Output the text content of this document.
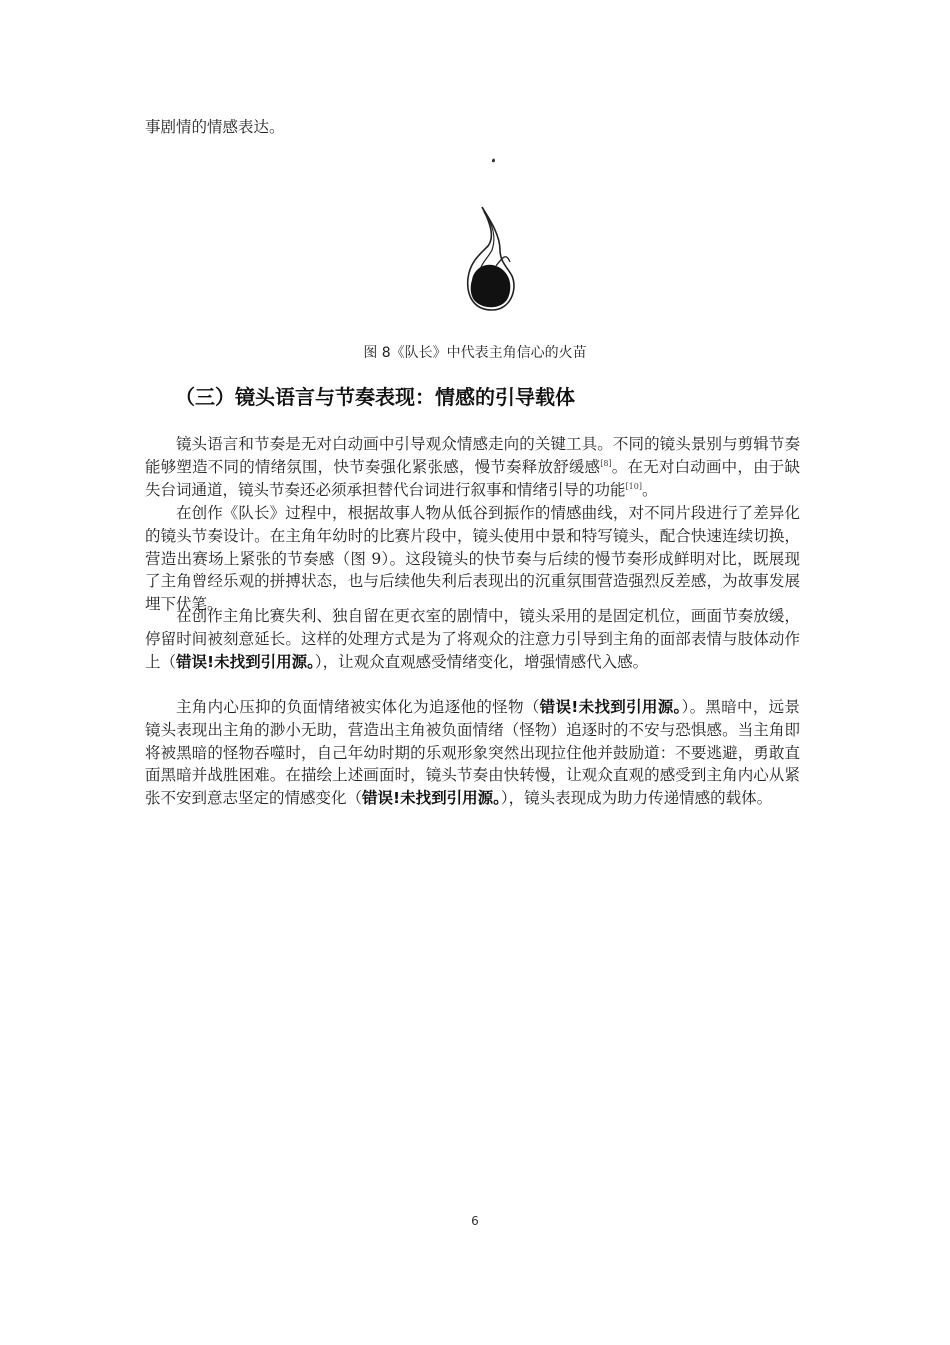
事剧情的情感表达。

图 8《队长》中代表主角信心的火苗
（三）镜头语言与节奏表现：情感的引导载体

镜头语言和节奏是无对白动画中引导观众情感走向的关键工具。不同的镜头景别与剪辑节奏能够塑造不同的情绪氛围，快节奏强化紧张感，慢节奏释放舒缓感[8]。在无对白动画中，由于缺失台词通道，镜头节奏还必须承担替代台词进行叙事和情绪引导的功能[10]。

在创作《队长》过程中，根据故事人物从低谷到振作的情感曲线，对不同片段进行了差异化的镜头节奏设计。在主角年幼时的比赛片段中，镜头使用中景和特写镜头，配合快速连续切换，营造出赛场上紧张的节奏感（图 9）。这段镜头的快节奏与后续的慢节奏形成鲜明对比，既展现了主角曾经乐观的拼搏状态，也与后续他失利后表现出的沉重氛围营造强烈反差感，为故事发展埋下伏笔。

在创作主角比赛失利、独自留在更衣室的剧情中，镜头采用的是固定机位，画面节奏放缓，停留时间被刻意延长。这样的处理方式是为了将观众的注意力引导到主角的面部表情与肢体动作上（错误!未找到引用源。），让观众直观感受情绪变化，增强情感代入感。

主角内心压抑的负面情绪被实体化为追逐他的怪物（错误!未找到引用源。）。黑暗中，远景镜头表现出主角的渺小无助，营造出主角被负面情绪（怪物）追逐时的不安与恐惧感。当主角即将被黑暗的怪物吞噬时，自己年幼时期的乐观形象突然出现拉住他并鼓励道：不要逃避，勇敢直面黑暗并战胜困难。在描绘上述画面时，镜头节奏由快转慢，让观众直观的感受到主角内心从紧张不安到意志坚定的情感变化（错误!未找到引用源。），镜头表现成为助力传递情感的载体。

6
